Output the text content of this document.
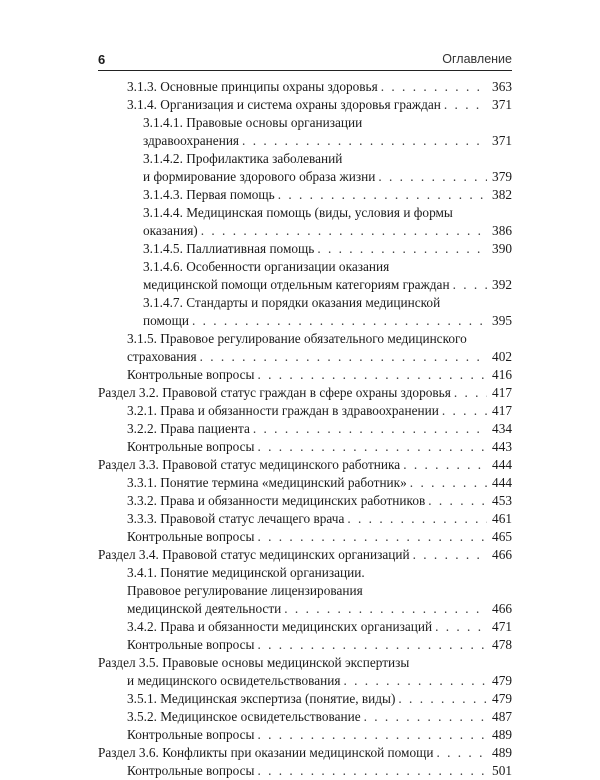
6	Оглавление
3.1.3. Основные принципы охраны здоровья . . .	363
3.1.4. Организация и система охраны здоровья граждан . . .	371
3.1.4.1. Правовые основы организации
здравоохранения . . .	371
3.1.4.2. Профилактика заболеваний
и формирование здорового образа жизни . . .	379
3.1.4.3. Первая помощь . . .	382
3.1.4.4. Медицинская помощь (виды, условия и формы
оказания) . . .	386
3.1.4.5. Паллиативная помощь . . .	390
3.1.4.6. Особенности организации оказания
медицинской помощи отдельным категориям граждан . . .	392
3.1.4.7. Стандарты и порядки оказания медицинской
помощи . . .	395
3.1.5. Правовое регулирование обязательного медицинского
страхования . . .	402
Контрольные вопросы . . .	416
Раздел 3.2. Правовой статус граждан в сфере охраны здоровья . . .	417
3.2.1. Права и обязанности граждан в здравоохранении . . .	417
3.2.2. Права пациента . . .	434
Контрольные вопросы . . .	443
Раздел 3.3. Правовой статус медицинского работника . . .	444
3.3.1. Понятие термина «медицинский работник» . . .	444
3.3.2. Права и обязанности медицинских работников . . .	453
3.3.3. Правовой статус лечащего врача . . .	461
Контрольные вопросы . . .	465
Раздел 3.4. Правовой статус медицинских организаций . . .	466
3.4.1. Понятие медицинской организации.
Правовое регулирование лицензирования
медицинской деятельности . . .	466
3.4.2. Права и обязанности медицинских организаций . . .	471
Контрольные вопросы . . .	478
Раздел 3.5. Правовые основы медицинской экспертизы
и медицинского освидетельствования . . .	479
3.5.1. Медицинская экспертиза (понятие, виды) . . .	479
3.5.2. Медицинское освидетельствование . . .	487
Контрольные вопросы . . .	489
Раздел 3.6. Конфликты при оказании медицинской помощи . . .	489
Контрольные вопросы . . .	501
